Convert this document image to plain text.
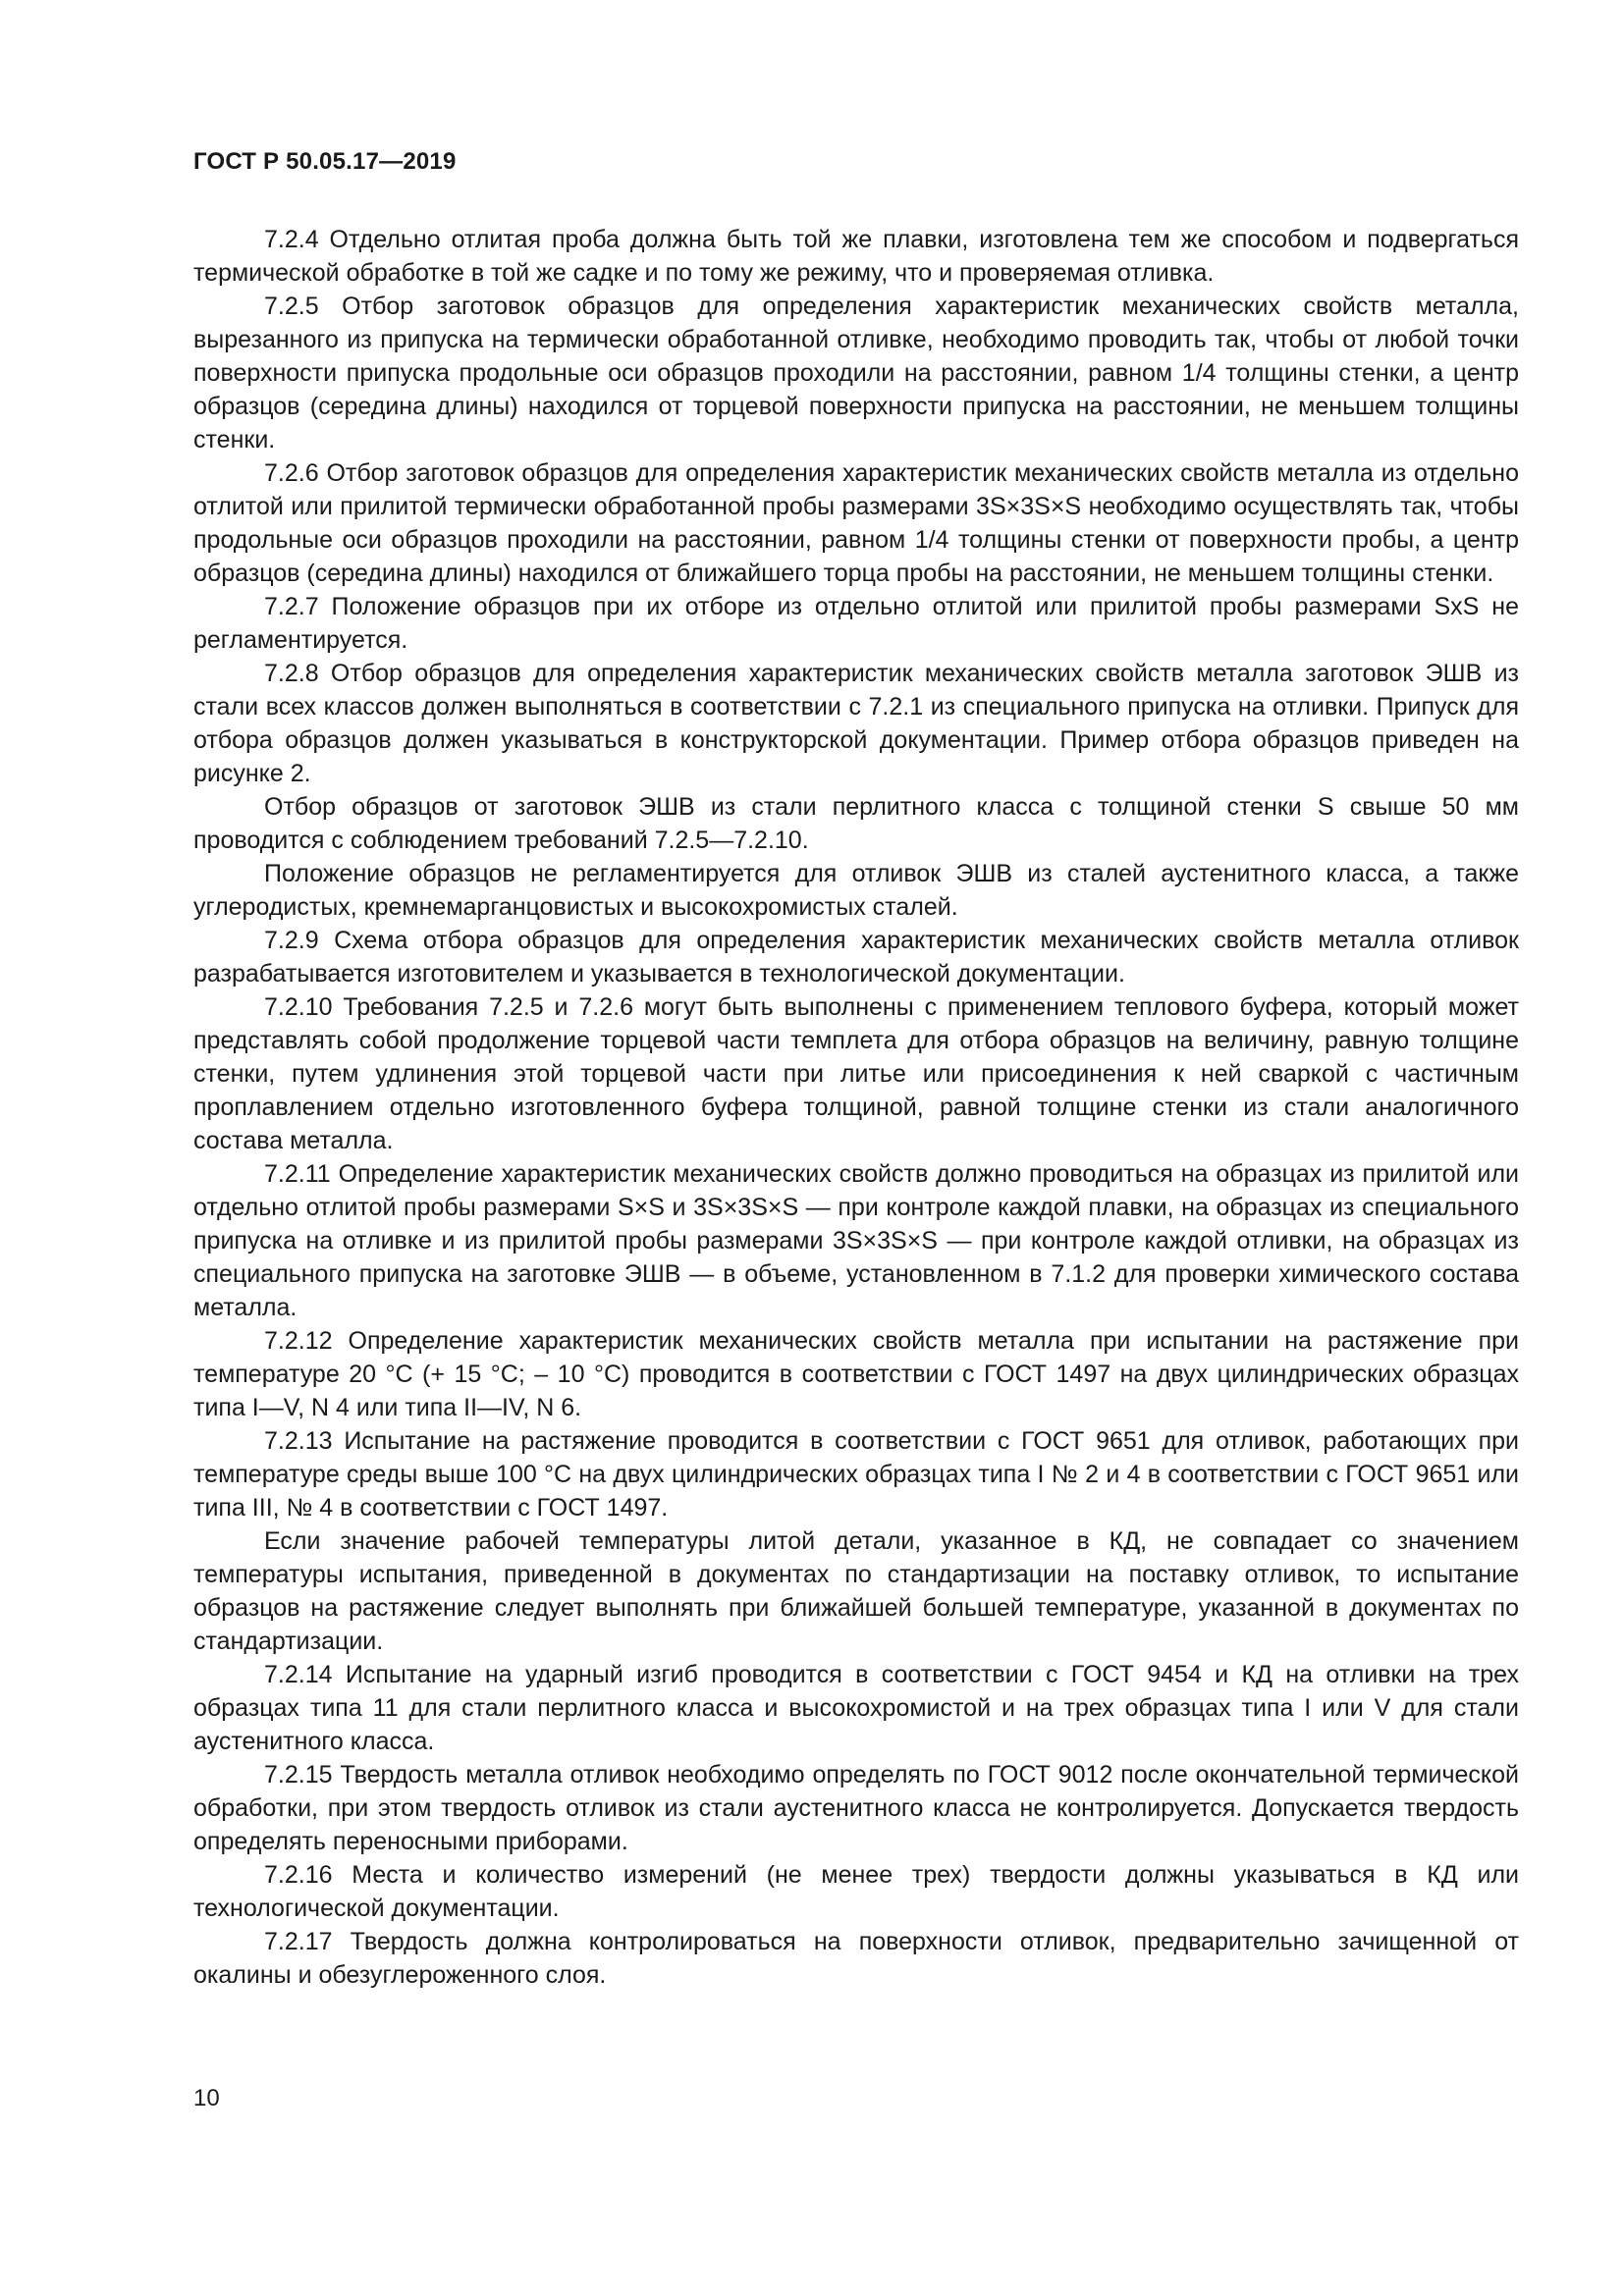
ГОСТ Р 50.05.17—2019

7.2.4 Отдельно отлитая проба должна быть той же плавки, изготовлена тем же способом и подвергаться термической обработке в той же садке и по тому же режиму, что и проверяемая отливка.

7.2.5 Отбор заготовок образцов для определения характеристик механических свойств металла, вырезанного из припуска на термически обработанной отливке, необходимо проводить так, чтобы от любой точки поверхности припуска продольные оси образцов проходили на расстоянии, равном 1/4 толщины стенки, а центр образцов (середина длины) находился от торцевой поверхности припуска на расстоянии, не меньшем толщины стенки.

7.2.6 Отбор заготовок образцов для определения характеристик механических свойств металла из отдельно отлитой или прилитой термически обработанной пробы размерами 3S×3S×S необходимо осуществлять так, чтобы продольные оси образцов проходили на расстоянии, равном 1/4 толщины стенки от поверхности пробы, а центр образцов (середина длины) находился от ближайшего торца пробы на расстоянии, не меньшем толщины стенки.

7.2.7 Положение образцов при их отборе из отдельно отлитой или прилитой пробы размерами SxS не регламентируется.

7.2.8 Отбор образцов для определения характеристик механических свойств металла заготовок ЭШВ из стали всех классов должен выполняться в соответствии с 7.2.1 из специального припуска на отливки. Припуск для отбора образцов должен указываться в конструкторской документации. Пример отбора образцов приведен на рисунке 2.

Отбор образцов от заготовок ЭШВ из стали перлитного класса с толщиной стенки S свыше 50 мм проводится с соблюдением требований 7.2.5—7.2.10.

Положение образцов не регламентируется для отливок ЭШВ из сталей аустенитного класса, а также углеродистых, кремнемарганцовистых и высокохромистых сталей.

7.2.9 Схема отбора образцов для определения характеристик механических свойств металла отливок разрабатывается изготовителем и указывается в технологической документации.

7.2.10 Требования 7.2.5 и 7.2.6 могут быть выполнены с применением теплового буфера, который может представлять собой продолжение торцевой части темплета для отбора образцов на величину, равную толщине стенки, путем удлинения этой торцевой части при литье или присоединения к ней сваркой с частичным проплавлением отдельно изготовленного буфера толщиной, равной толщине стенки из стали аналогичного состава металла.

7.2.11 Определение характеристик механических свойств должно проводиться на образцах из прилитой или отдельно отлитой пробы размерами S×S и 3S×3S×S — при контроле каждой плавки, на образцах из специального припуска на отливке и из прилитой пробы размерами 3S×3S×S — при контроле каждой отливки, на образцах из специального припуска на заготовке ЭШВ — в объеме, установленном в 7.1.2 для проверки химического состава металла.

7.2.12 Определение характеристик механических свойств металла при испытании на растяжение при температуре 20 °С (+ 15 °С; – 10 °С) проводится в соответствии с ГОСТ 1497 на двух цилиндрических образцах типа I—V, N 4 или типа II—IV, N 6.

7.2.13 Испытание на растяжение проводится в соответствии с ГОСТ 9651 для отливок, работающих при температуре среды выше 100 °С на двух цилиндрических образцах типа I № 2 и 4 в соответствии с ГОСТ 9651 или типа III, № 4 в соответствии с ГОСТ 1497.

Если значение рабочей температуры литой детали, указанное в КД, не совпадает со значением температуры испытания, приведенной в документах по стандартизации на поставку отливок, то испытание образцов на растяжение следует выполнять при ближайшей большей температуре, указанной в документах по стандартизации.

7.2.14 Испытание на ударный изгиб проводится в соответствии с ГОСТ 9454 и КД на отливки на трех образцах типа 11 для стали перлитного класса и высокохромистой и на трех образцах типа I или V для стали аустенитного класса.

7.2.15 Твердость металла отливок необходимо определять по ГОСТ 9012 после окончательной термической обработки, при этом твердость отливок из стали аустенитного класса не контролируется. Допускается твердость определять переносными приборами.

7.2.16 Места и количество измерений (не менее трех) твердости должны указываться в КД или технологической документации.

7.2.17 Твердость должна контролироваться на поверхности отливок, предварительно зачищенной от окалины и обезуглероженного слоя.

10
